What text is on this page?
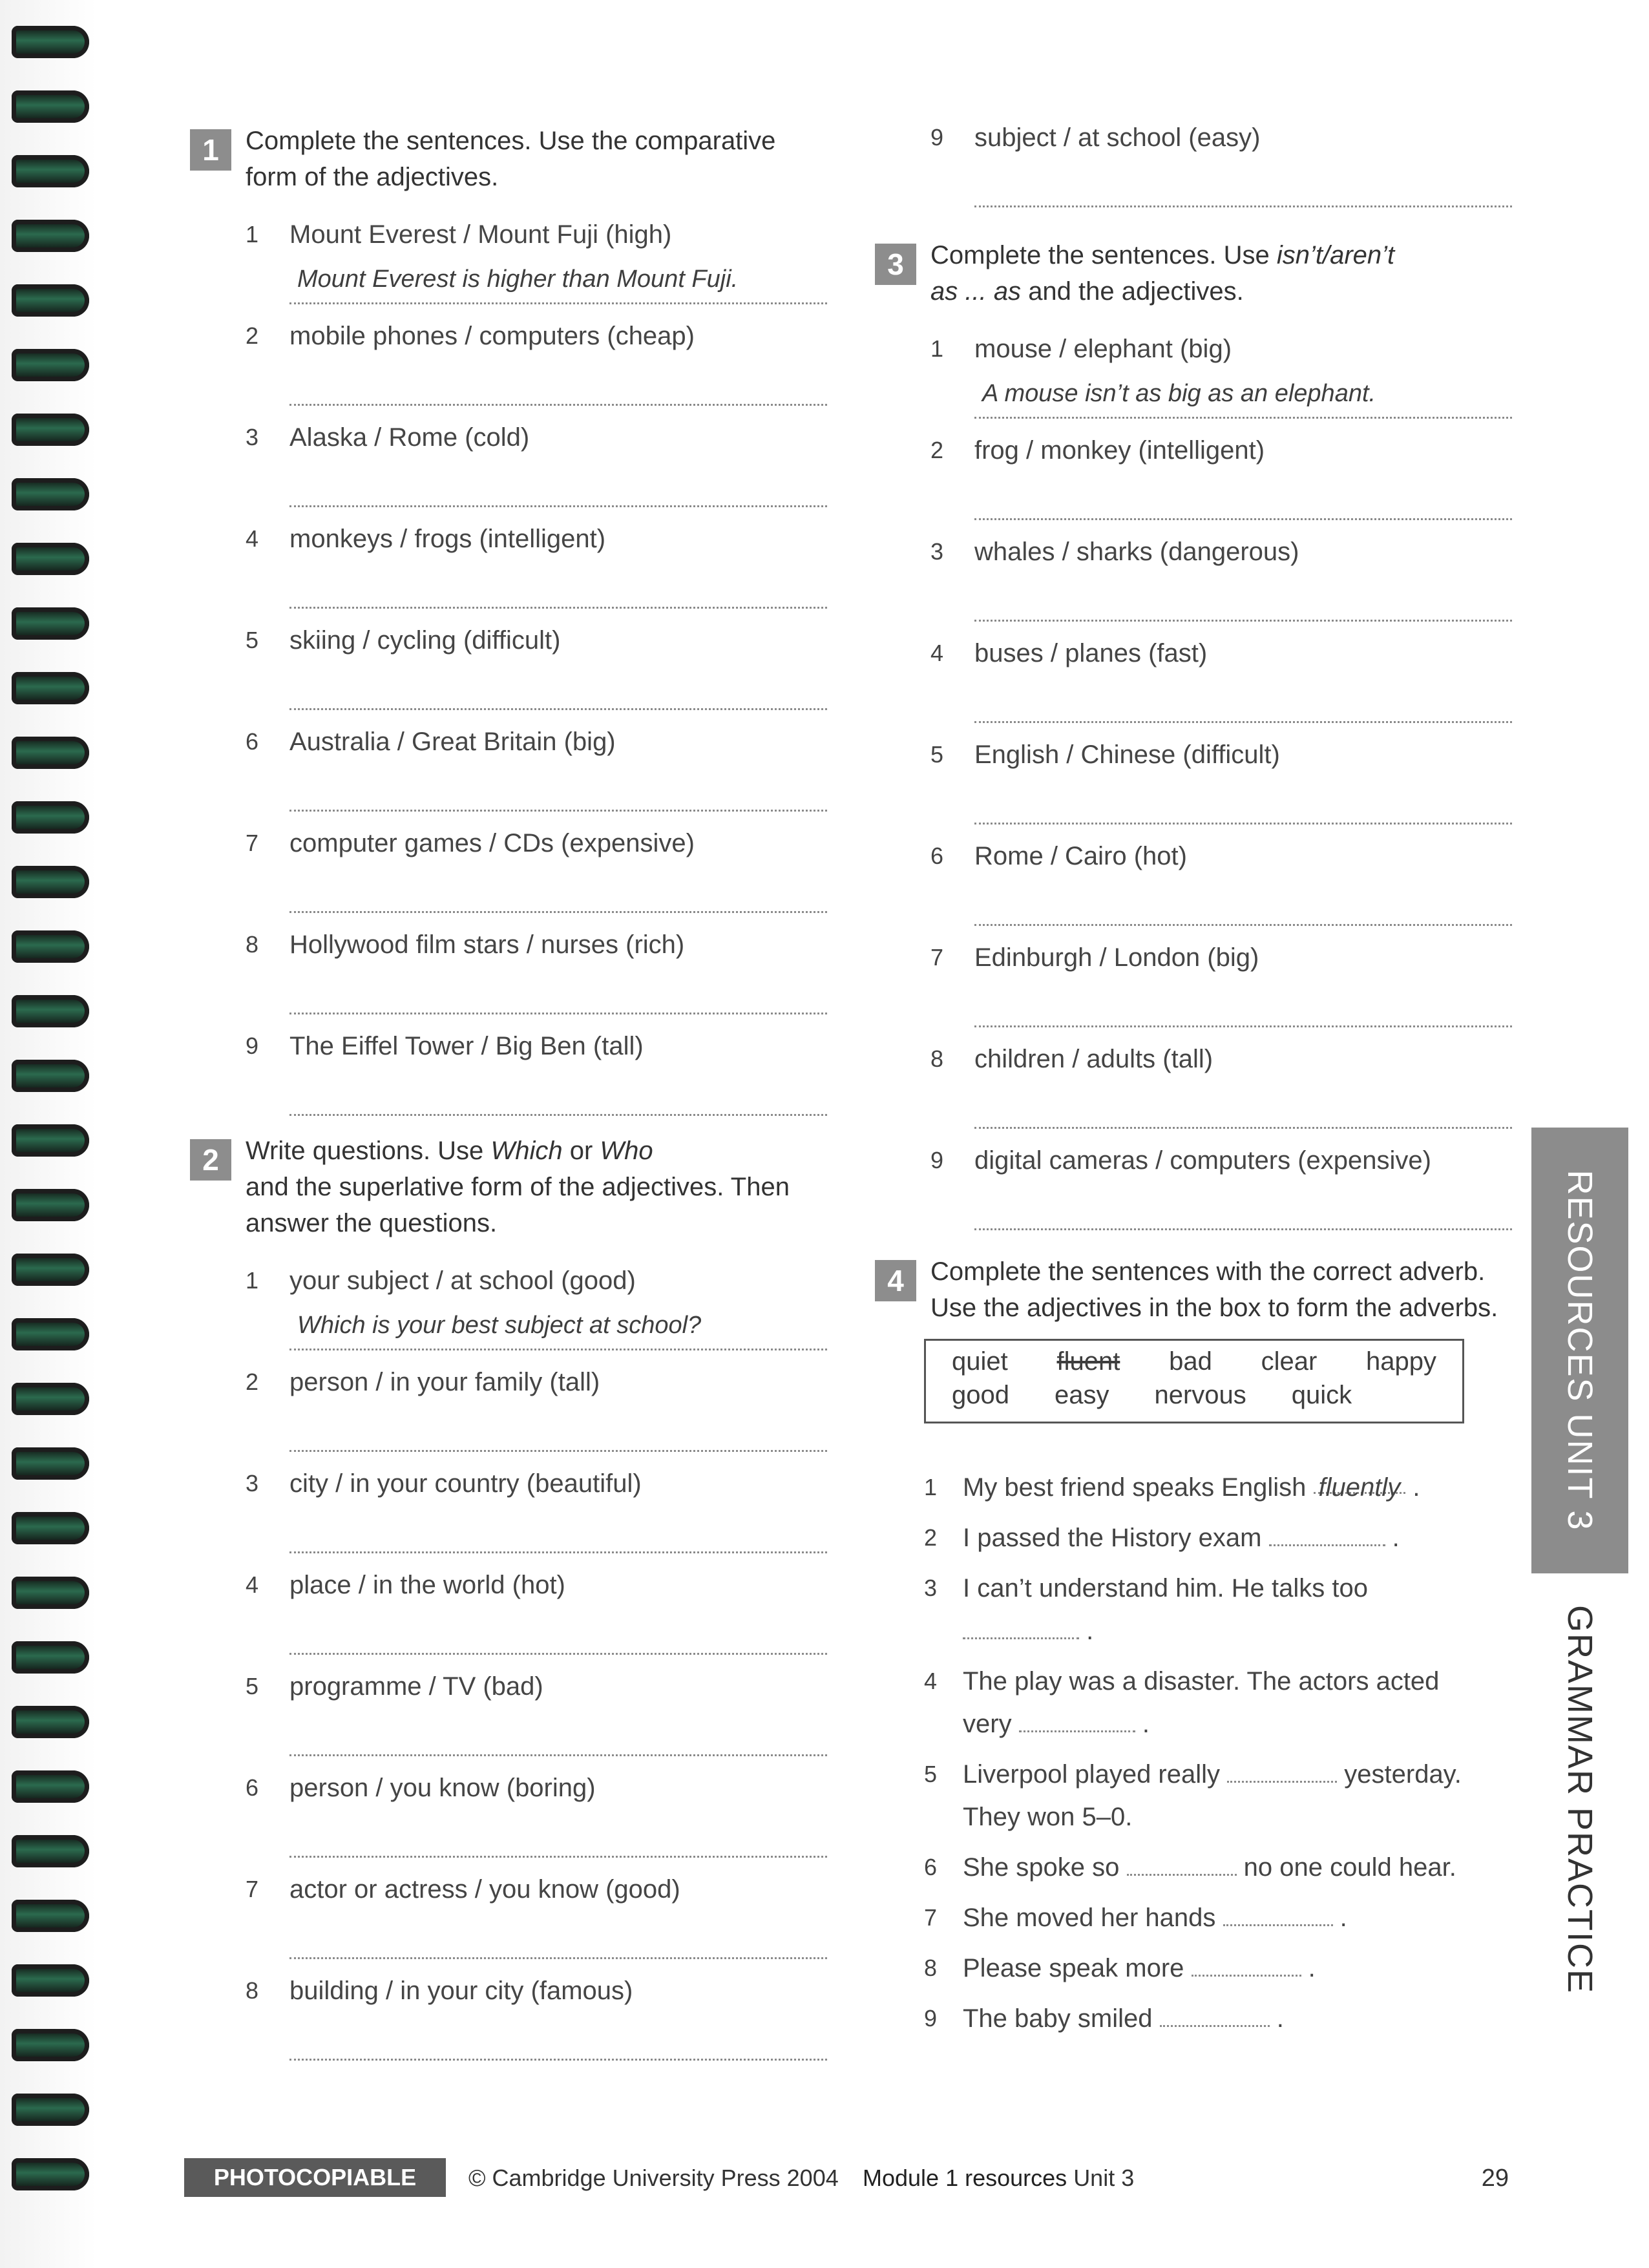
1	Complete the sentences. Use the comparative form of the adjectives.
1	Mount Everest / Mount Fuji (high)
Mount Everest is higher than Mount Fuji.
2	mobile phones / computers (cheap)
3	Alaska / Rome (cold)
4	monkeys / frogs (intelligent)
5	skiing / cycling (difficult)
6	Australia / Great Britain (big)
7	computer games / CDs (expensive)
8	Hollywood film stars / nurses (rich)
9	The Eiffel Tower / Big Ben (tall)
2	Write questions. Use Which or Who
and the superlative form of the adjectives. Then answer the questions.
1	your subject / at school (good)
Which is your best subject at school?
2	person / in your family (tall)
3	city / in your country (beautiful)
4	place / in the world (hot)
5	programme / TV (bad)
6	person / you know (boring)
7	actor or actress / you know (good)
8	building / in your city (famous)
9	subject / at school (easy)
3	Complete the sentences. Use isn’t/aren’t
as ... as and the adjectives.
1	mouse / elephant (big)
A mouse isn’t as big as an elephant.
2	frog / monkey (intelligent)
3	whales / sharks (dangerous)
4	buses / planes (fast)
5	English / Chinese (difficult)
6	Rome / Cairo (hot)
7	Edinburgh / London (big)
8	children / adults (tall)
9	digital cameras / computers (expensive)
4	Complete the sentences with the correct adverb. Use the adjectives in the box to form the adverbs.
quiet fluent bad clear happy
good easy nervous quick
1 My best friend speaks English fluently .
2 I passed the History exam	.
3 I can’t understand him. He talks too
.
4 The play was a disaster. The actors acted very	.
5 Liverpool played really	yesterday. They won 5–0.
6 She spoke so	no one could hear.
7 She moved her hands	.
8 Please speak more	.
9 The baby smiled	.
RESOURCES UNIT 3
GRAMMAR PRACTICE
PHOTOCOPIABLE	© Cambridge University Press 2004 Module 1 resources Unit 3	29
